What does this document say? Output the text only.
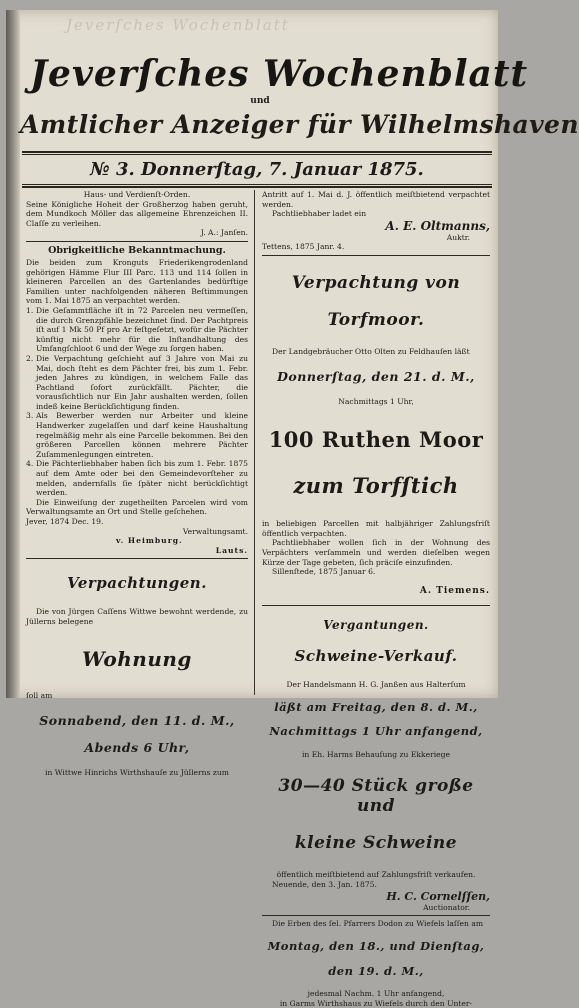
Jeverſches Wochenblatt
Jeverſches Wochenblatt
und
Amtlicher Anzeiger für Wilhelmshaven
№ 3. Donnerſtag, 7. Januar 1875.

Haus- und Verdienſt-Orden.

Seine Königliche Hoheit der Großherzog haben geruht, dem Mundkoch Möller das allgemeine Ehrenzeichen II. Claſſe zu verleihen.

J. A.: Janſen.

Obrigkeitliche Bekanntmachung.

Die beiden zum Kronguts Friederikengrodenland gehörigen Hämme Flur III Parc. 113 und 114 ſollen in kleineren Parcellen an des Gartenlandes bedürftige Familien unter nachfolgenden näheren Beſtimmungen vom 1. Mai 1875 an verpachtet werden.

1. Die Geſammtfläche iſt in 72 Parcelen neu vermeſſen, die durch Grenzpfähle bezeichnet ſind. Der Pachtpreis iſt auf 1 Mk 50 Pf pro Ar feſtgeſetzt, wofür die Pächter künftig nicht mehr für die Inſtandhaltung des Umfangſchloot 6 und der Wege zu ſorgen haben.
2. Die Verpachtung geſchieht auf 3 Jahre von Mai zu Mai, doch ſteht es dem Pächter frei, bis zum 1. Febr. jeden Jahres zu kündigen, in welchem Falle das Pachtland ſofort zurückfällt. Pächter, die vorausſichtlich nur Ein Jahr aushalten werden, ſollen indeß keine Berückſichtigung finden.
3. Als Bewerber werden nur Arbeiter und kleine Handwerker zugelaſſen und darf keine Haushaltung regelmäßig mehr als eine Parcelle bekommen. Bei den größeren Parcellen können mehrere Pächter Zuſammenlegungen eintreten.
4. Die Pächterliebhaber haben ſich bis zum 1. Febr. 1875 auf dem Amte oder bei den Gemeindevorſteher zu melden, andernfalls ſie ſpäter nicht berückſichtigt werden.

Die Einweiſung der zugetheilten Parcelen wird vom Verwaltungsamte an Ort und Stelle geſchehen.

Jever, 1874 Dec. 19.

Verwaltungsamt.

v. Heimburg.

Lauts.

Verpachtungen.

Die von Jürgen Caſſens Wittwe bewohnt werdende, zu Jüllerns belegene

Wohnung

ſoll am

Sonnabend, den 11. d. M.,

Abends 6 Uhr,

in Wittwe Hinrichs Wirthshauſe zu Jüllerns zum

Antritt auf 1. Mai d. J. öffentlich meiſtbietend verpachtet werden.

Pachtliebhaber ladet ein

A. E. Oltmanns,

Auktr.

Tettens, 1875 Janr. 4.

Verpachtung von

Torfmoor.

Der Landgebräucher Otto Olten zu Feldhauſen läßt

Donnerſtag, den 21. d. M.,

Nachmittags 1 Uhr,

100 Ruthen Moor

zum Torfſtich

in beliebigen Parcellen mit halbjähriger Zahlungsfriſt öffentlich verpachten.

Pachtliebhaber wollen ſich in der Wohnung des Verpächters verſammeln und werden dieſelben wegen Kürze der Tage gebeten, ſich präciſe einzufinden.

Sillenſtede, 1875 Januar 6.

A. Tiemens.

Vergantungen.

Schweine-Verkauf.

Der Handelsmann H. G. Janßen aus Halterſum

läßt am Freitag, den 8. d. M.,

Nachmittags 1 Uhr anfangend,

in Eh. Harms Behauſung zu Ekkeriege

30—40 Stück große und

kleine Schweine

öffentlich meiſtbietend auf Zahlungsfriſt verkaufen.

Neuende, den 3. Jan. 1875.

H. C. Cornelſſen,

Auctionator.

Die Erben des ſel. Pfarrers Dodon zu Wiefels laſſen am

Montag, den 18., und Dienſtag,

den 19. d. M.,

jedesmal Nachm. 1 Uhr anfangend,

in Garms Wirthshaus zu Wiefels durch den Unter-
